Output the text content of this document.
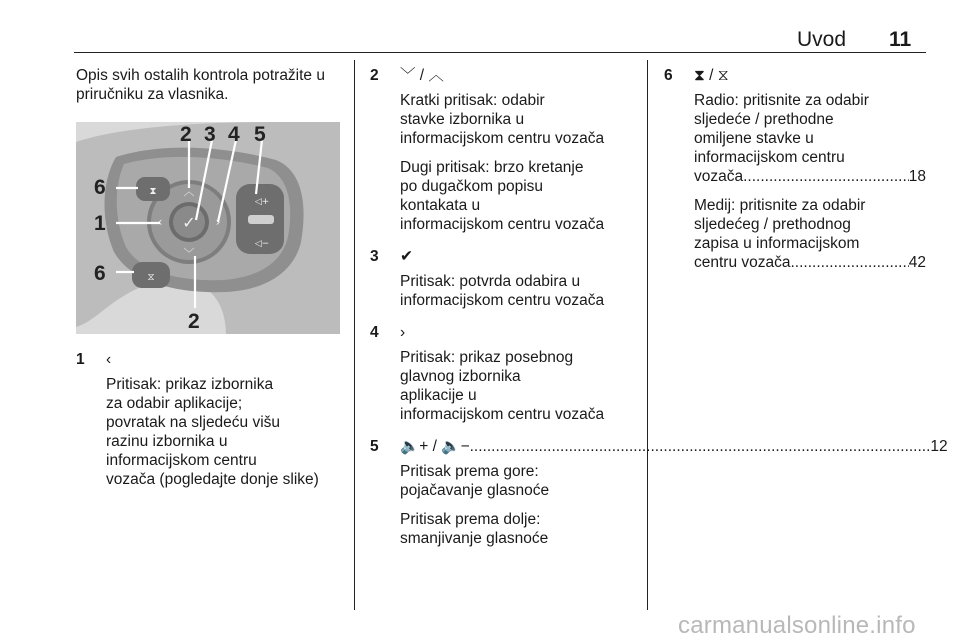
Uvod 11
Opis svih ostalih kontrola potražite u
priručniku za vlasnika.
✓
︿
﹀
‹	›
⧗
⧖
◁+
◁−
2 3 4 5
6
1
6
2
1	‹
Pritisak: prikaz izbornika
za odabir aplikacije;
povratak na sljedeću višu
razinu izbornika u
informacijskom centru
vozača (pogledajte donje slike)
2	﹀ / ︿
Kratki pritisak: odabir
stavke izbornika u
informacijskom centru vozača
Dugi pritisak: brzo kretanje
po dugačkom popisu
kontakata u
informacijskom centru vozača
3	✔
Pritisak: potvrda odabira u
informacijskom centru vozača
4	›
Pritisak: prikaz posebnog
glavnog izbornika
aplikacije u
informacijskom centru vozača
5	🔈+ / 🔈− .....	12
Pritisak prema gore:
pojačavanje glasnoće
Pritisak prema dolje:
smanjivanje glasnoće
6	⧗ / ⧖
Radio: pritisnite za odabir
sljedeće / prethodne
omiljene stavke u
informacijskom centru
vozača .....	18
Medij: pritisnite za odabir
sljedećeg / prethodnog
zapisa u informacijskom
centru vozača .....	42
carmanualsonline.info
